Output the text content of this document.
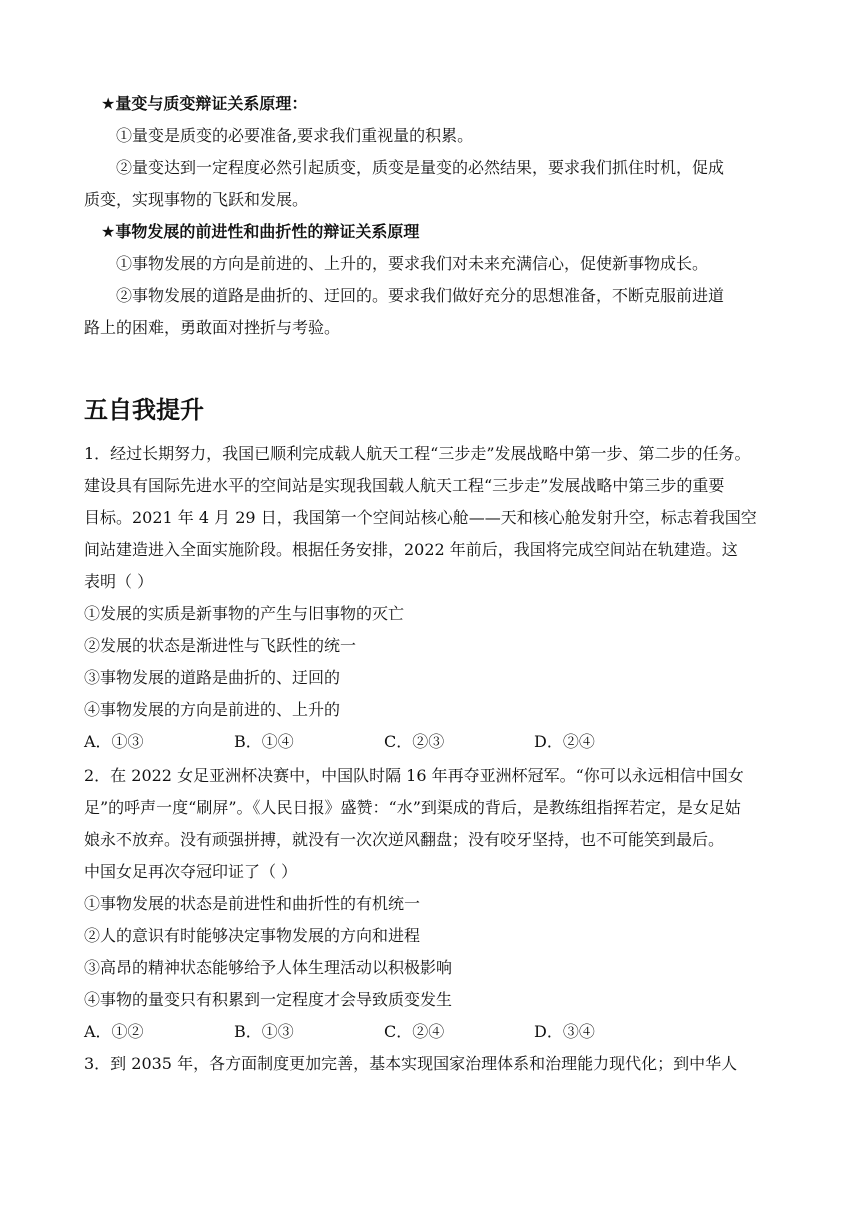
★量变与质变辩证关系原理：
①量变是质变的必要准备,要求我们重视量的积累。
②量变达到一定程度必然引起质变，质变是量变的必然结果，要求我们抓住时机，促成
质变，实现事物的飞跃和发展。
★事物发展的前进性和曲折性的辩证关系原理
①事物发展的方向是前进的、上升的，要求我们对未来充满信心，促使新事物成长。
②事物发展的道路是曲折的、迂回的。要求我们做好充分的思想准备，不断克服前进道
路上的困难，勇敢面对挫折与考验。
五自我提升
1．经过长期努力，我国已顺利完成载人航天工程“三步走”发展战略中第一步、第二步的任务。
建设具有国际先进水平的空间站是实现我国载人航天工程“三步走”发展战略中第三步的重要
目标。2021 年 4 月 29 日，我国第一个空间站核心舱——天和核心舱发射升空，标志着我国空
间站建造进入全面实施阶段。根据任务安排，2022 年前后，我国将完成空间站在轨建造。这
表明（ ）
①发展的实质是新事物的产生与旧事物的灭亡
②发展的状态是渐进性与飞跃性的统一
③事物发展的道路是曲折的、迂回的
④事物发展的方向是前进的、上升的
A．①③	B．①④	C．②③	D．②④
2．在 2022 女足亚洲杯决赛中，中国队时隔 16 年再夺亚洲杯冠军。“你可以永远相信中国女
足”的呼声一度“刷屏”。《人民日报》盛赞：“水”到渠成的背后，是教练组指挥若定，是女足姑
娘永不放弃。没有顽强拼搏，就没有一次次逆风翻盘；没有咬牙坚持，也不可能笑到最后。
中国女足再次夺冠印证了（ ）
①事物发展的状态是前进性和曲折性的有机统一
②人的意识有时能够决定事物发展的方向和进程
③高昂的精神状态能够给予人体生理活动以积极影响
④事物的量变只有积累到一定程度才会导致质变发生
A．①②	B．①③	C．②④	D．③④
3．到 2035 年，各方面制度更加完善，基本实现国家治理体系和治理能力现代化；到中华人
